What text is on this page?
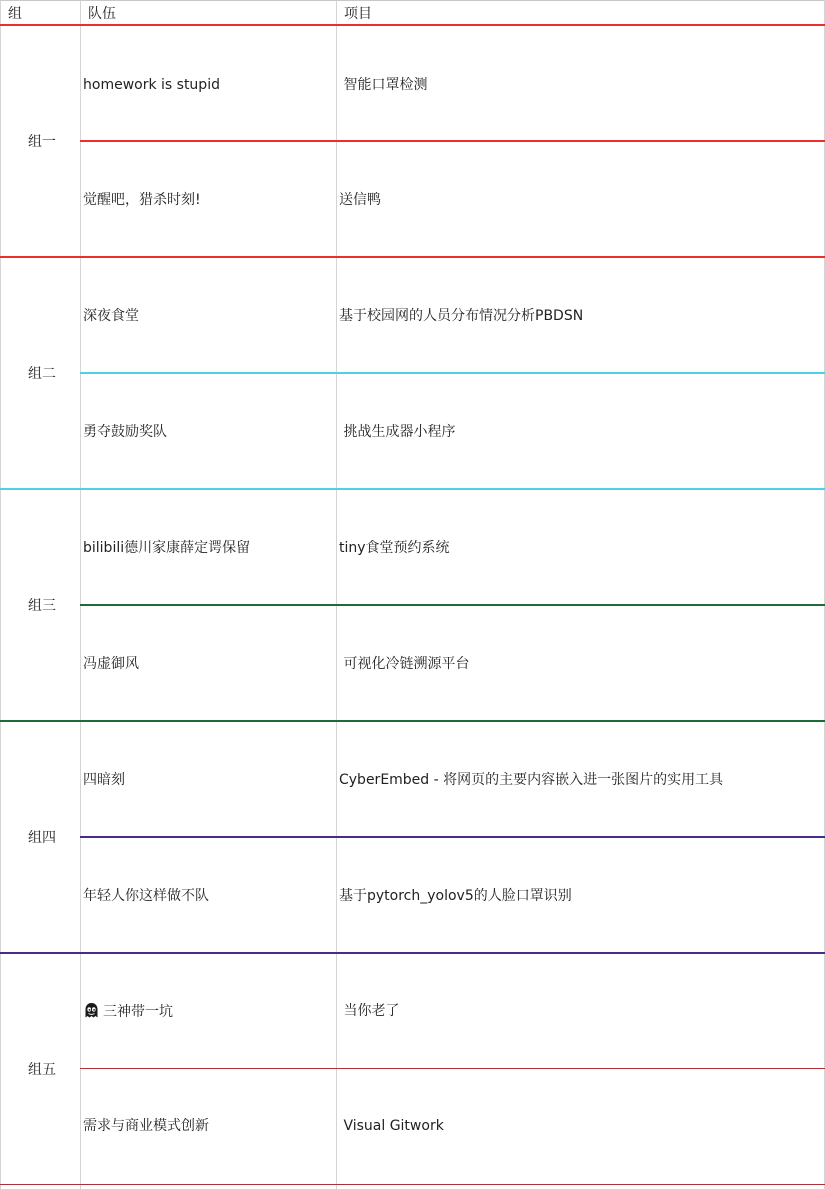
组	队伍	项目
组一
homework is stupid	智能口罩检测
觉醒吧，猎杀时刻!	送信鸭
组二
深夜食堂	基于校园网的人员分布情况分析PBDSN
勇夺鼓励奖队	挑战生成器小程序
组三
bilibili德川家康薛定谔保留	tiny食堂预约系统
冯虚御风	可视化冷链溯源平台
组四
四暗刻	CyberEmbed - 将网页的主要内容嵌入进一张图片的实用工具
年轻人你这样做不队	基于pytorch_yolov5的人脸口罩识别
组五
三神带一坑	当你老了
需求与商业模式创新	Visual Gitwork
